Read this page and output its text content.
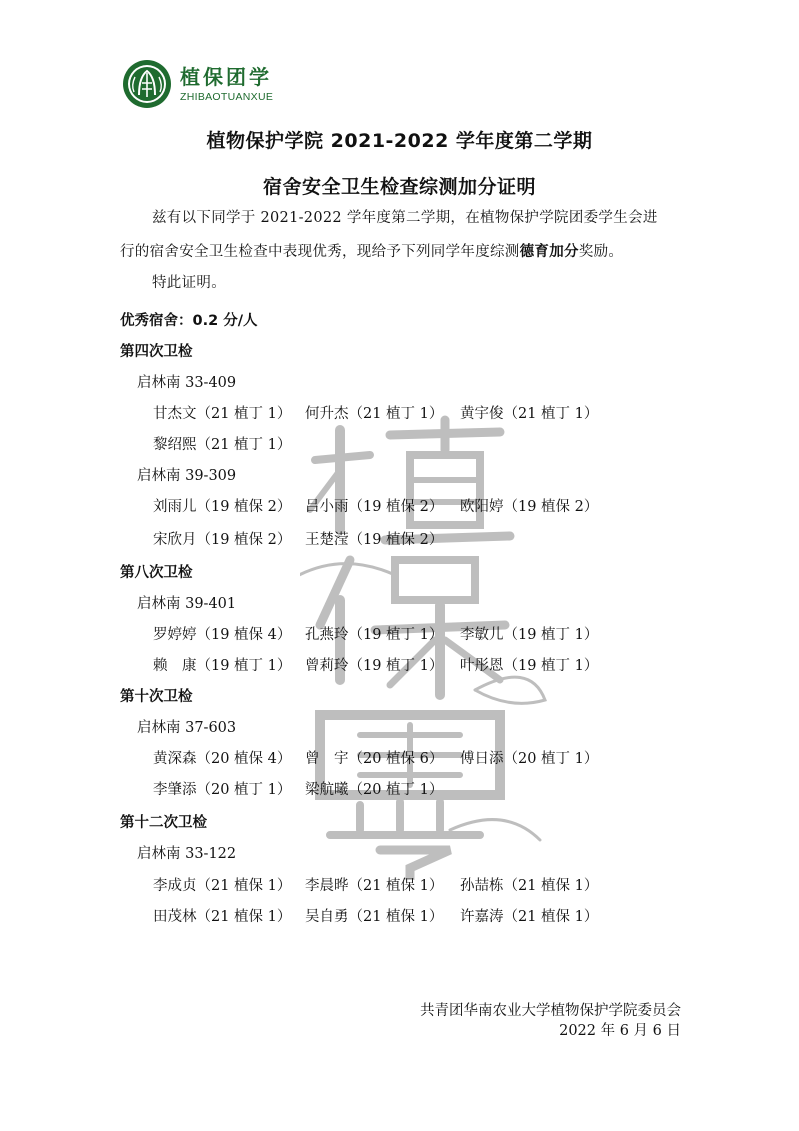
植保团学
ZHIBAOTUANXUE
植物保护学院 2021-2022 学年度第二学期
宿舍安全卫生检查综测加分证明
兹有以下同学于 2021-2022 学年度第二学期，在植物保护学院团委学生会进
行的宿舍安全卫生检查中表现优秀，现给予下列同学年度综测德育加分奖励。
特此证明。
优秀宿舍：0.2 分/人
第四次卫检
启林南 33-409
甘杰文（21 植丁 1） 何升杰（21 植丁 1） 黄宇俊（21 植丁 1）
黎绍熙（21 植丁 1）
启林南 39-309
刘雨儿（19 植保 2） 吕小雨（19 植保 2） 欧阳婷（19 植保 2）
宋欣月（19 植保 2） 王楚滢（19 植保 2）
第八次卫检
启林南 39-401
罗婷婷（19 植保 4） 孔燕玲（19 植丁 1） 李敏儿（19 植丁 1）
赖　康（19 植丁 1） 曾莉玲（19 植丁 1） 叶彤恩（19 植丁 1）
第十次卫检
启林南 37-603
黄深森（20 植保 4） 曾　宇（20 植保 6） 傅日添（20 植丁 1）
李肇添（20 植丁 1） 梁航曦（20 植丁 1）
第十二次卫检
启林南 33-122
李成贞（21 植保 1） 李晨晔（21 植保 1） 孙喆栋（21 植保 1）
田茂林（21 植保 1） 吴自勇（21 植保 1） 许嘉涛（21 植保 1）
共青团华南农业大学植物保护学院委员会
2022 年 6 月 6 日
